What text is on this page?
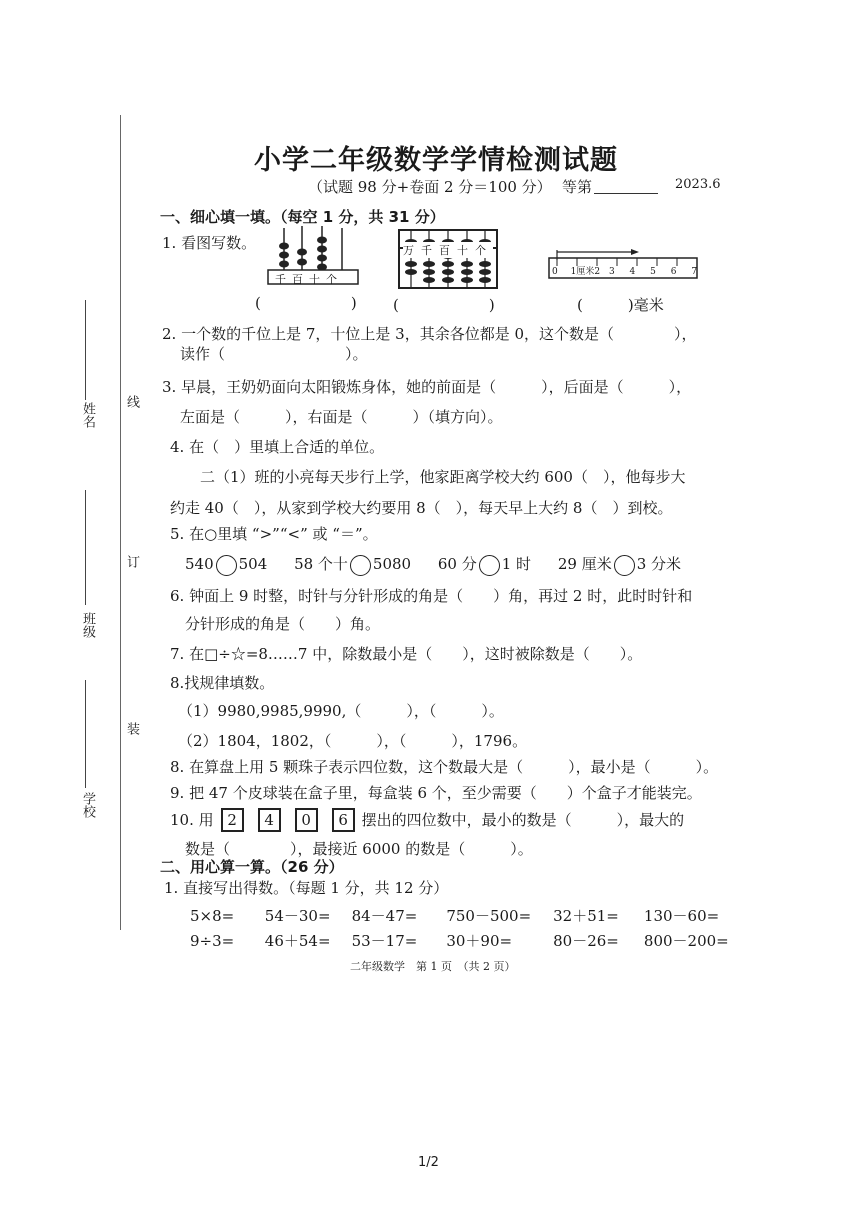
姓名
班级
学校
线
订
装
小学二年级数学学情检测试题
（试题 98 分+卷面 2 分＝100 分） 等第	2023.6
一、细心填一填。（每空 1 分，共 31 分）
1. 看图写数。
千百十个
万千百十个
0 1厘米2 3 4 5 6 7
(　　　　　　) (　　　　　　)	(　　　)毫米
2. 一个数的千位上是 7，十位上是 3，其余各位都是 0，这个数是（　　　　），
读作（　　　　　　　　）。
3. 早晨，王奶奶面向太阳锻炼身体，她的前面是（　　　），后面是（　　　），
左面是（　　　），右面是（　　　）（填方向）。
4. 在（　）里填上合适的单位。
二（1）班的小亮每天步行上学，他家距离学校大约 600（　），他每步大
约走 40（　），从家到学校大约要用 8（　），每天早上大约 8（　）到校。
5. 在○里填 “>”“<” 或 “＝”。
540 504 58 个十 5080 60 分 1 时 29 厘米 3 分米
6. 钟面上 9 时整，时针与分针形成的角是（　　）角，再过 2 时，此时时针和
分针形成的角是（　　）角。
7. 在□÷☆=8……7 中，除数最小是（　　），这时被除数是（　　）。
8.找规律填数。
（1）9980,9985,9990,（　　　），（　　　）。
（2）1804，1802，（　　　），（　　　），1796。
8. 在算盘上用 5 颗珠子表示四位数，这个数最大是（　　　），最小是（　　　）。
9. 把 47 个皮球装在盒子里，每盒装 6 个，至少需要（　　）个盒子才能装完。
10. 用 2 4 0 6 摆出的四位数中，最小的数是（　　　），最大的
数是（　　　　），最接近 6000 的数是（　　　）。
二、用心算一算。（26 分）
1. 直接写出得数。（每题 1 分，共 12 分）
5×8= 54－30= 84－47= 750－500= 32＋51= 130－60=
9÷3= 46＋54= 53－17= 30＋90=	80－26= 800－200=
二年级数学　第 1 页　（共 2 页）
1/2
